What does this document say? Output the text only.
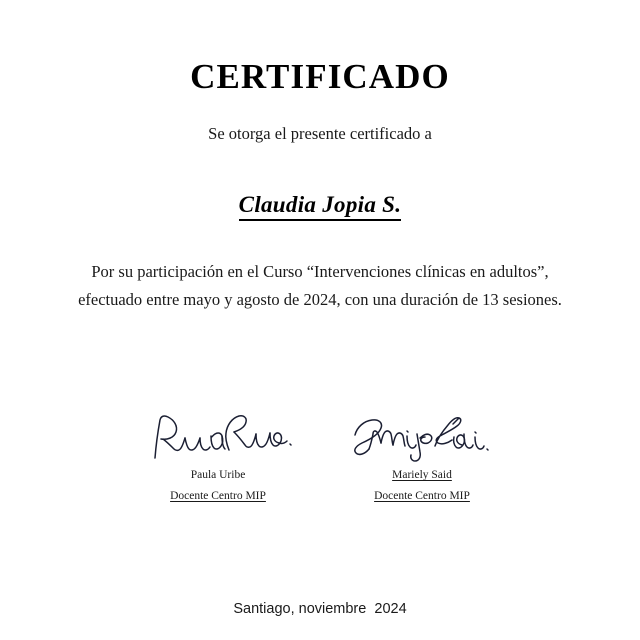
CERTIFICADO
Se otorga el presente certificado a
Claudia Jopia S.
Por su participación en el Curso “Intervenciones clínicas en adultos”,
efectuado entre mayo y agosto de 2024, con una duración de 13 sesiones.
Paula Uribe
Docente Centro MIP
Mariely Said
Docente Centro MIP
Santiago, noviembre  2024
